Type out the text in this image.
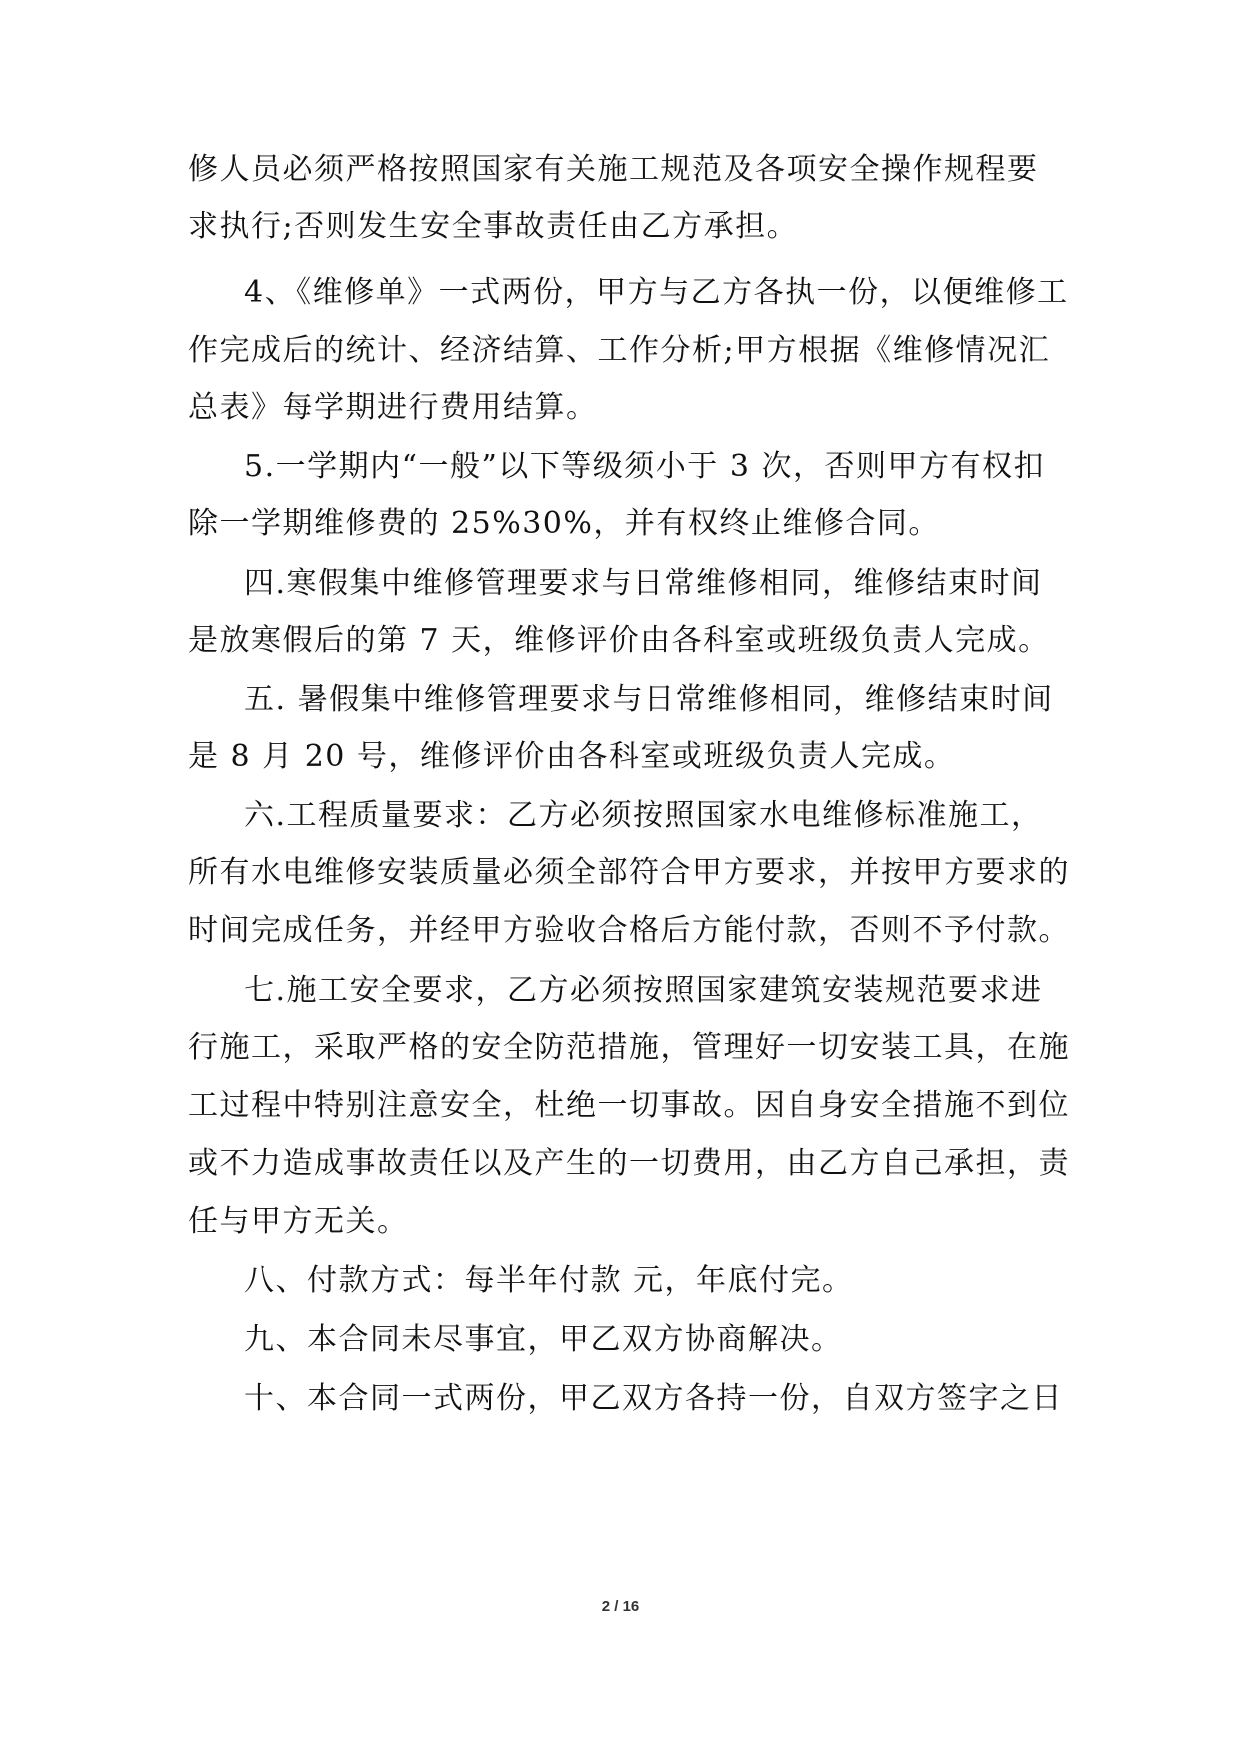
修人员必须严格按照国家有关施工规范及各项安全操作规程要
求执行;否则发生安全事故责任由乙方承担。
4、《维修单》一式两份，甲方与乙方各执一份，以便维修工
作完成后的统计、经济结算、工作分析;甲方根据《维修情况汇
总表》每学期进行费用结算。
5.一学期内“一般”以下等级须小于 3 次，否则甲方有权扣
除一学期维修费的 25%30%，并有权终止维修合同。
四.寒假集中维修管理要求与日常维修相同，维修结束时间
是放寒假后的第 7 天，维修评价由各科室或班级负责人完成。
五. 暑假集中维修管理要求与日常维修相同，维修结束时间
是 8 月 20 号，维修评价由各科室或班级负责人完成。
六.工程质量要求：乙方必须按照国家水电维修标准施工，
所有水电维修安装质量必须全部符合甲方要求，并按甲方要求的
时间完成任务，并经甲方验收合格后方能付款，否则不予付款。
七.施工安全要求，乙方必须按照国家建筑安装规范要求进
行施工，采取严格的安全防范措施，管理好一切安装工具，在施
工过程中特别注意安全，杜绝一切事故。因自身安全措施不到位
或不力造成事故责任以及产生的一切费用，由乙方自己承担，责
任与甲方无关。
八、付款方式：每半年付款 元，年底付完。
九、本合同未尽事宜，甲乙双方协商解决。
十、本合同一式两份，甲乙双方各持一份，自双方签字之日
2 / 16
